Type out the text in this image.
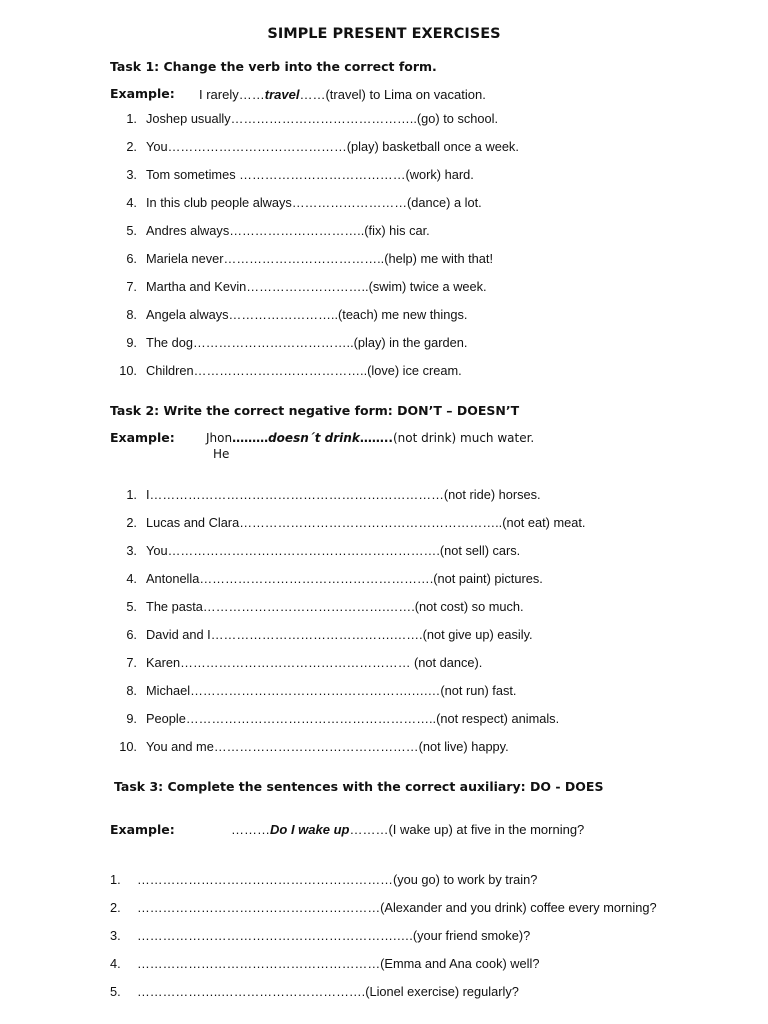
SIMPLE PRESENT EXERCISES
Task 1: Change the verb into the correct form.
Example: I rarely……travel……(travel) to Lima on vacation.
1. Joshep usually……………………………………..(go) to school.
2. You……………………………………(play) basketball once a week.
3. Tom sometimes …………………………………(work) hard.
4. In this club people always………………………(dance) a lot.
5. Andres always…………………………..(fix) his car.
6. Mariela never………………………………..(help) me with that!
7. Martha and Kevin………………………..(swim) twice a week.
8. Angela always……………………..(teach) me new things.
9. The dog………………………………..(play) in the garden.
10. Children…………………………………..(love) ice cream.
Task 2: Write the correct negative form: DON’T – DOESN’T
Example:	Jhon………doesn´t drink……..(not drink) much water.
He
1. I……………………………………………………………(not ride) horses.
2. Lucas and Clara……………………………………………………..(not eat) meat.
3. You……………………………………………………….(not sell) cars.
4. Antonella……………………………………………….(not paint) pictures.
5. The pasta…………………………………….…….(not cost) so much.
6. David and I…………………………………….…….(not give up) easily.
7. Karen……………………………………………… (not dance).
8. Michael…………………………………………….….…(not run) fast.
9. People…………………………………………………..(not respect) animals.
10. You and me…………………………………………(not live) happy.
Task 3: Complete the sentences with the correct auxiliary: DO - DOES
Example:	………Do I wake up………(I wake up) at five in the morning?
1. ……………………………………………………(you go) to work by train?
2. …………………………………………………(Alexander and you drink) coffee every morning?
3. …………………………………………………….….(your friend smoke)?
4. …………………………………………………(Emma and Ana cook) well?
5. ………………..…………………………….(Lionel exercise) regularly?
